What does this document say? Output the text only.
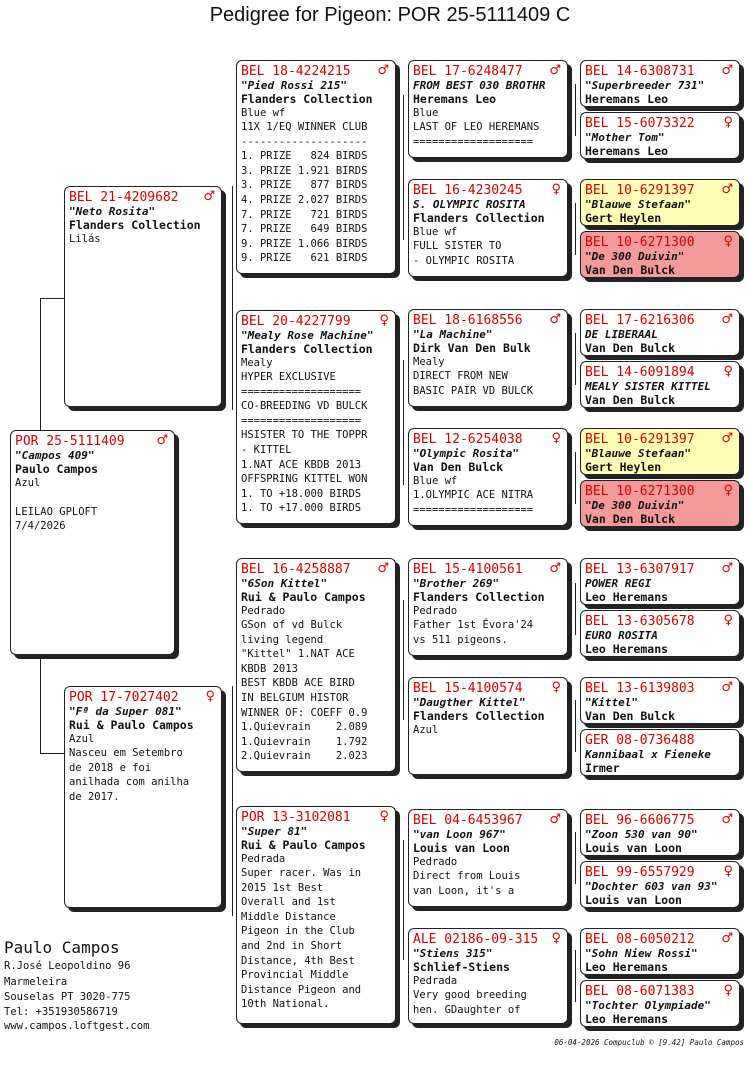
Pedigree for Pigeon: POR 25-5111409 C
POR 25-5111409	♂
"Campos 409"
Paulo Campos
Azul

LEILAO GPLOFT
7/4/2026
BEL 21-4209682	♂
"Neto Rosita"
Flanders Collection
Lilás
POR 17-7027402	♀
"Fª da Super 081"
Rui & Paulo Campos
Azul
Nasceu em Setembro
de 2018 e foi
anilhada com anilha
de 2017.
BEL 18-4224215	♂
"Pied Rossi 215"
Flanders Collection
Blue wf
11X 1/EQ WINNER CLUB
--------------------
1. PRIZE   824 BIRDS
3. PRIZE 1.921 BIRDS
3. PRIZE   877 BIRDS
4. PRIZE 2.027 BIRDS
7. PRIZE   721 BIRDS
7. PRIZE   649 BIRDS
9. PRIZE 1.066 BIRDS
9. PRIZE   621 BIRDS
BEL 20-4227799	♀
"Mealy Rose Machine"
Flanders Collection
Mealy
HYPER EXCLUSIVE
===================
CO-BREEDING VD BULCK
===================
HSISTER TO THE TOPPR
- KITTEL
1.NAT ACE KBDB 2013
OFFSPRING KITTEL WON
1. TO +18.000 BIRDS
1. TO +17.000 BIRDS
BEL 16-4258887	♂
"6Son Kittel"
Rui & Paulo Campos
Pedrado
GSon of vd Bulck
living legend
"Kittel" 1.NAT ACE
KBDB 2013
BEST KBDB ACE BIRD
IN BELGIUM HISTOR
WINNER OF: COEFF 0.9
1.Quievrain    2.089
1.Quievrain    1.792
2.Quievrain    2.023
POR 13-3102081	♀
"Super 81"
Rui & Paulo Campos
Pedrada
Super racer. Was in
2015 1st Best
Overall and 1st
Middle Distance
Pigeon in the Club
and 2nd in Short
Distance, 4th Best
Provincial Middle
Distance Pigeon and
10th National.
BEL 17-6248477	♂
FROM BEST 030 BROTHR
Heremans Leo
Blue
LAST OF LEO HEREMANS
===================
BEL 16-4230245	♀
S. OLYMPIC ROSITA
Flanders Collection
Blue wf
FULL SISTER TO
- OLYMPIC ROSITA
BEL 18-6168556	♂
"La Machine"
Dirk Van Den Bulk
Mealy
DIRECT FROM NEW
BASIC PAIR VD BULCK
BEL 12-6254038	♀
"Olympic Rosita"
Van Den Bulck
Blue wf
1.OLYMPIC ACE NITRA
===================
BEL 15-4100561	♂
"Brother 269"
Flanders Collection
Pedrado
Father 1st Évora'24
vs 511 pigeons.
BEL 15-4100574	♀
"Daugther Kittel"
Flanders Collection
Azul
BEL 04-6453967	♂
"van Loon 967"
Louis van Loon
Pedrado
Direct from Louis
van Loon, it's a
ALE 02186-09-315	♀
"Stiens 315"
Schlief-Stiens
Pedrada
Very good breeding
hen. GDaughter of
BEL 14-6308731	♂
"Superbreeder 731"
Heremans Leo
BEL 15-6073322	♀
"Mother Tom"
Heremans Leo
BEL 10-6291397	♂
"Blauwe Stefaan"
Gert Heylen
BEL 10-6271300	♀
"De 300 Duivin"
Van Den Bulck
BEL 17-6216306	♂
DE LIBERAAL
Van Den Bulck
BEL 14-6091894	♀
MEALY SISTER KITTEL
Van Den Bulck
BEL 10-6291397	♂
"Blauwe Stefaan"
Gert Heylen
BEL 10-6271300	♀
"De 300 Duivin"
Van Den Bulck
BEL 13-6307917	♂
POWER REGI
Leo Heremans
BEL 13-6305678	♀
EURO ROSITA
Leo Heremans
BEL 13-6139803	♂
"Kittel"
Van Den Bulck
GER 08-0736488
Kannibaal x Fieneke
Irmer
BEL 96-6606775	♂
"Zoon 530 van 90"
Louis van Loon
BEL 99-6557929	♀
"Dochter 603 van 93"
Louis van Loon
BEL 08-6050212	♂
"Sohn Niew Rossi"
Leo Heremans
BEL 08-6071383	♀
"Tochter Olympiade"
Leo Heremans
Paulo Campos
R.José Leopoldino 96
Marmeleira
Souselas PT 3020-775
Tel: +351930586719
www.campos.loftgest.com
06-04-2026 Compuclub © [9.42] Paulo Campos
